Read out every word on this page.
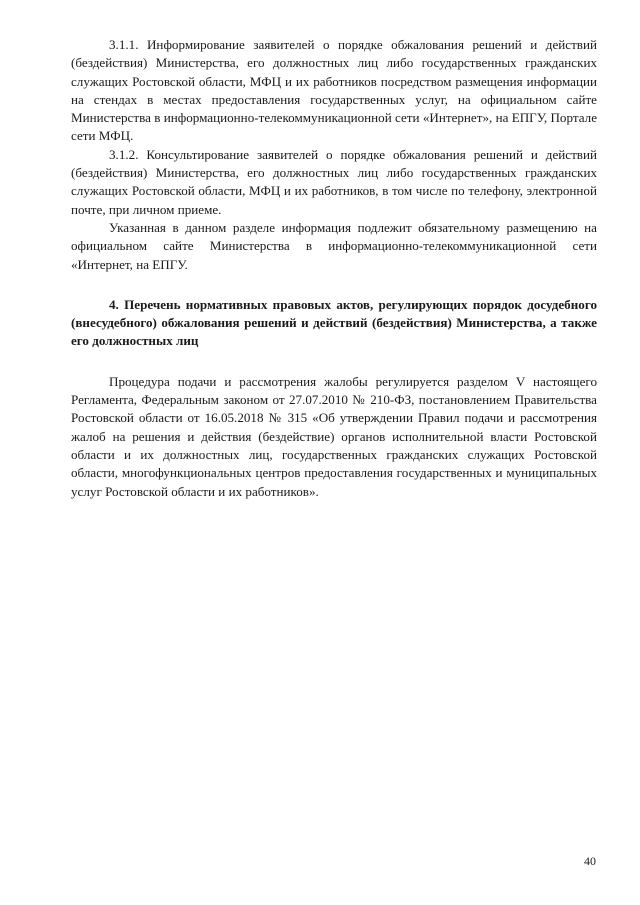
3.1.1. Информирование заявителей о порядке обжалования решений и действий (бездействия) Министерства, его должностных лиц либо государственных гражданских служащих Ростовской области, МФЦ и их работников посредством размещения информации на стендах в местах предоставления государственных услуг, на официальном сайте Министерства в информационно-телекоммуникационной сети «Интернет», на ЕПГУ, Портале сети МФЦ.

3.1.2. Консультирование заявителей о порядке обжалования решений и действий (бездействия) Министерства, его должностных лиц либо государственных гражданских служащих Ростовской области, МФЦ и их работников, в том числе по телефону, электронной почте, при личном приеме.

Указанная в данном разделе информация подлежит обязательному размещению на официальном сайте Министерства в информационно-телекоммуникационной сети «Интернет, на ЕПГУ.

4. Перечень нормативных правовых актов, регулирующих порядок досудебного (внесудебного) обжалования решений и действий (бездействия) Министерства, а также его должностных лиц

Процедура подачи и рассмотрения жалобы регулируется разделом V настоящего Регламента, Федеральным законом от 27.07.2010 № 210-ФЗ, постановлением Правительства Ростовской области от 16.05.2018 № 315 «Об утверждении Правил подачи и рассмотрения жалоб на решения и действия (бездействие) органов исполнительной власти Ростовской области и их должностных лиц, государственных гражданских служащих Ростовской области, многофункциональных центров предоставления государственных и муниципальных услуг Ростовской области и их работников».

40
